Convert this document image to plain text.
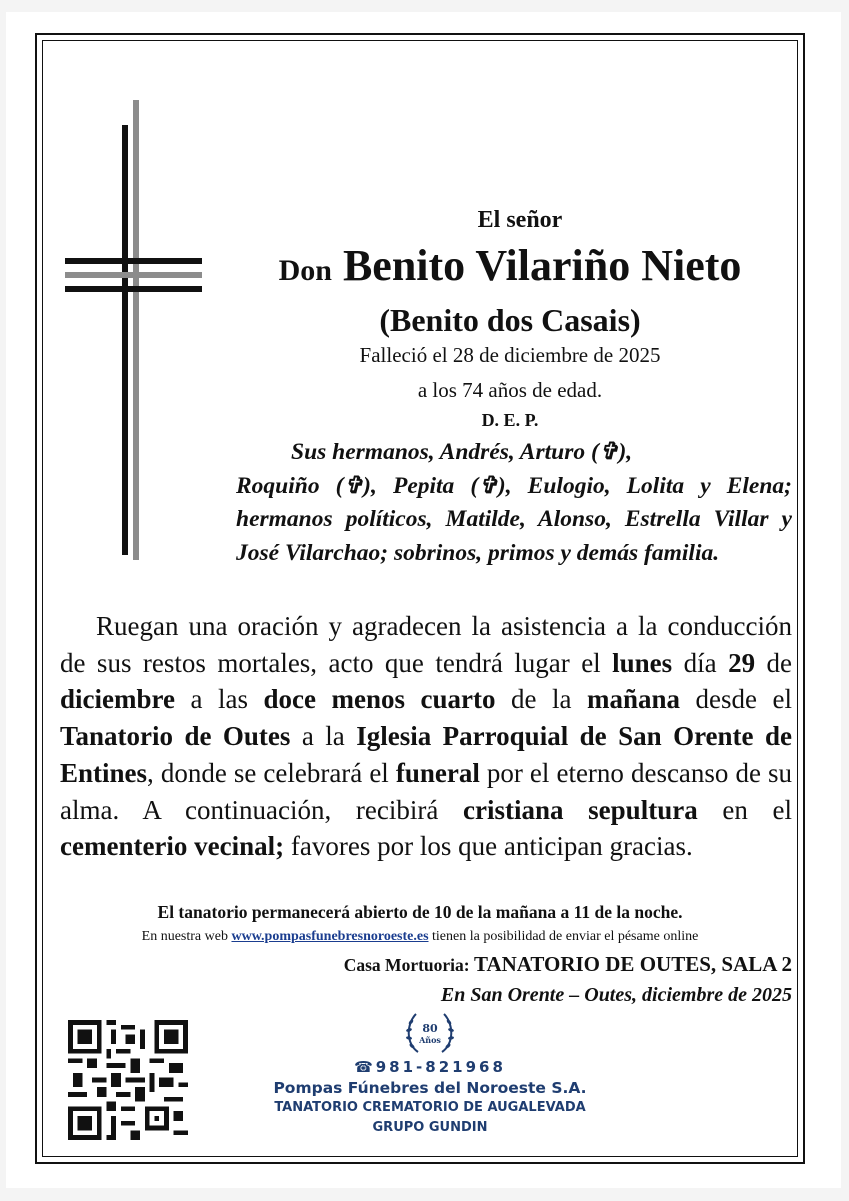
El señor
Don Benito Vilariño Nieto
(Benito dos Casais)
Falleció el 28 de diciembre de 2025
a los 74 años de edad.
D. E. P.
Sus hermanos, Andrés, Arturo (✞),
Roquiño (✞), Pepita (✞), Eulogio, Lolita y Elena; hermanos políticos, Matilde, Alonso, Estrella Villar y José Vilarchao; sobrinos, primos y demás familia.

Ruegan una oración y agradecen la asistencia a la conducción de sus restos mortales, acto que tendrá lugar el lunes día 29 de diciembre a las doce menos cuarto de la mañana desde el Tanatorio de Outes a la Iglesia Parroquial de San Orente de Entines, donde se celebrará el funeral por el eterno descanso de su alma. A continuación, recibirá cristiana sepultura en el cementerio vecinal; favores por los que anticipan gracias.

El tanatorio permanecerá abierto de 10 de la mañana a 11 de la noche.
En nuestra web www.pompasfunebresnoroeste.es tienen la posibilidad de enviar el pésame online
Casa Mortuoria: TANATORIO DE OUTES, SALA 2
En San Orente – Outes, diciembre de 2025
80
Años
☎981-821968
Pompas Fúnebres del Noroeste S.A.
TANATORIO CREMATORIO DE AUGALEVADA
GRUPO GUNDIN
